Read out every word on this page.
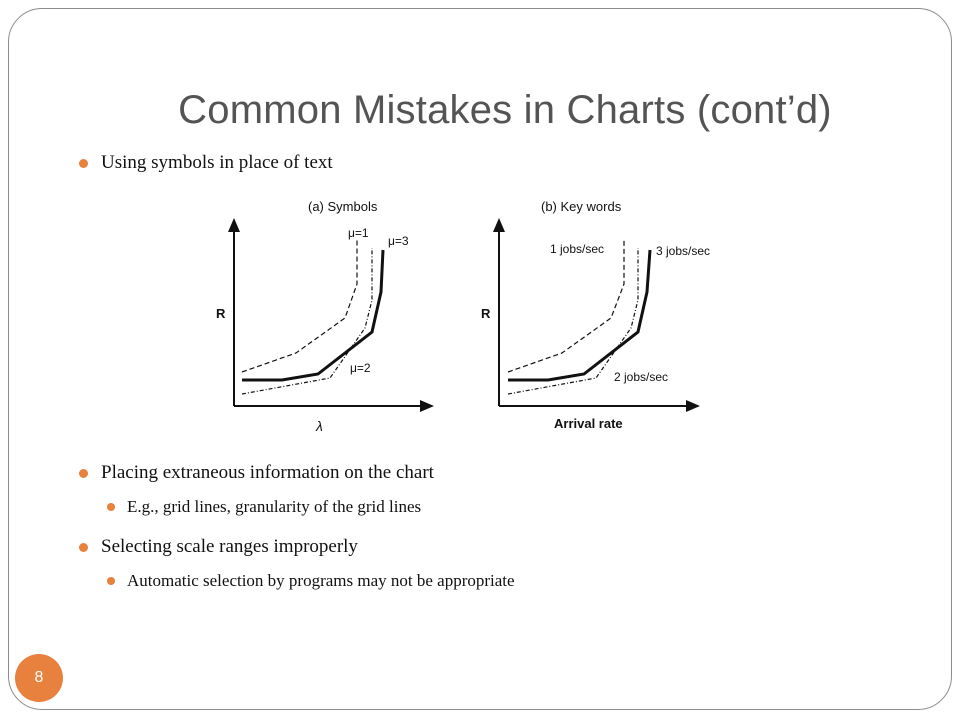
Common Mistakes in Charts (cont’d)
Using symbols in place of text
(a) Symbols
R
λ
μ=1
μ=3
μ=2
(b) Key words
R
Arrival rate
1 jobs/sec	3 jobs/sec
2 jobs/sec
Placing extraneous information on the chart
E.g., grid lines, granularity of the grid lines
Selecting scale ranges improperly
Automatic selection by programs may not be appropriate
8
